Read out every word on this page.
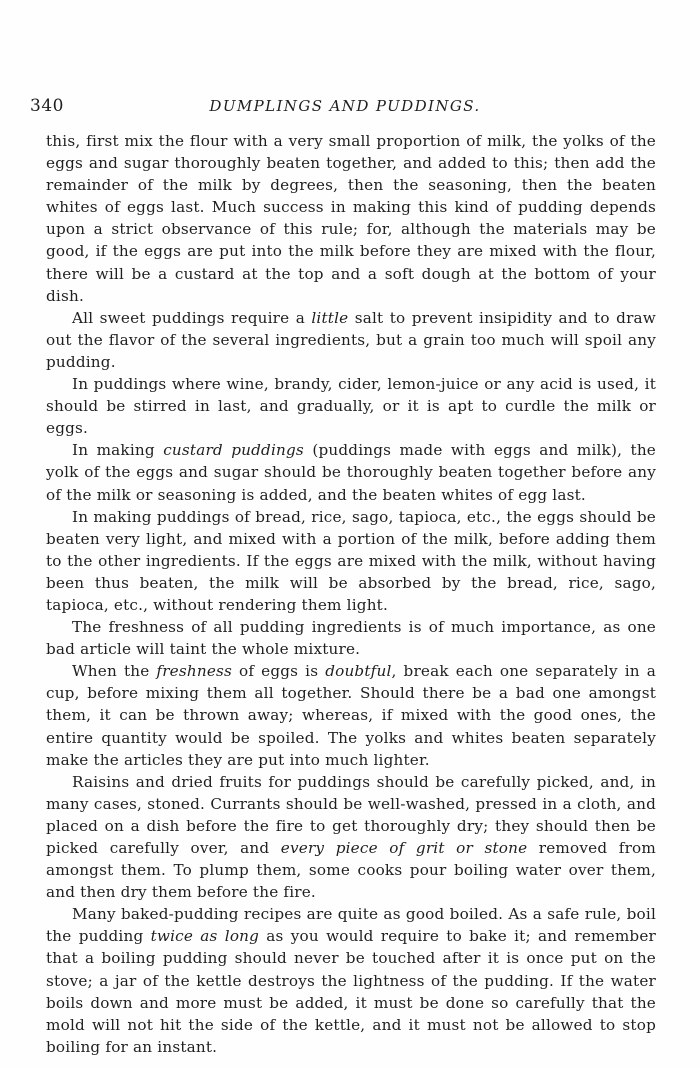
340	DUMPLINGS AND PUDDINGS.

this, first mix the flour with a very small proportion of milk, the yolks of the eggs and sugar thoroughly beaten together, and added to this; then add the remainder of the milk by degrees, then the seasoning, then the beaten whites of eggs last. Much success in making this kind of pudding depends upon a strict observance of this rule; for, although the materials may be good, if the eggs are put into the milk before they are mixed with the flour, there will be a custard at the top and a soft dough at the bottom of your dish.

All sweet puddings require a little salt to prevent insipidity and to draw out the flavor of the several ingredients, but a grain too much will spoil any pudding.

In puddings where wine, brandy, cider, lemon-juice or any acid is used, it should be stirred in last, and gradually, or it is apt to curdle the milk or eggs.

In making custard puddings (puddings made with eggs and milk), the yolk of the eggs and sugar should be thoroughly beaten together before any of the milk or seasoning is added, and the beaten whites of egg last.

In making puddings of bread, rice, sago, tapioca, etc., the eggs should be beaten very light, and mixed with a portion of the milk, before adding them to the other ingredients. If the eggs are mixed with the milk, without having been thus beaten, the milk will be absorbed by the bread, rice, sago, tapioca, etc., without rendering them light.

The freshness of all pudding ingredients is of much importance, as one bad article will taint the whole mixture.

When the freshness of eggs is doubtful, break each one separately in a cup, before mixing them all together. Should there be a bad one amongst them, it can be thrown away; whereas, if mixed with the good ones, the entire quantity would be spoiled. The yolks and whites beaten separately make the articles they are put into much lighter.

Raisins and dried fruits for puddings should be carefully picked, and, in many cases, stoned. Currants should be well-washed, pressed in a cloth, and placed on a dish before the fire to get thoroughly dry; they should then be picked carefully over, and every piece of grit or stone removed from amongst them. To plump them, some cooks pour boiling water over them, and then dry them before the fire.

Many baked-pudding recipes are quite as good boiled. As a safe rule, boil the pudding twice as long as you would require to bake it; and remember that a boiling pudding should never be touched after it is once put on the stove; a jar of the kettle destroys the lightness of the pudding. If the water boils down and more must be added, it must be done so carefully that the mold will not hit the side of the kettle, and it must not be allowed to stop boiling for an instant.
